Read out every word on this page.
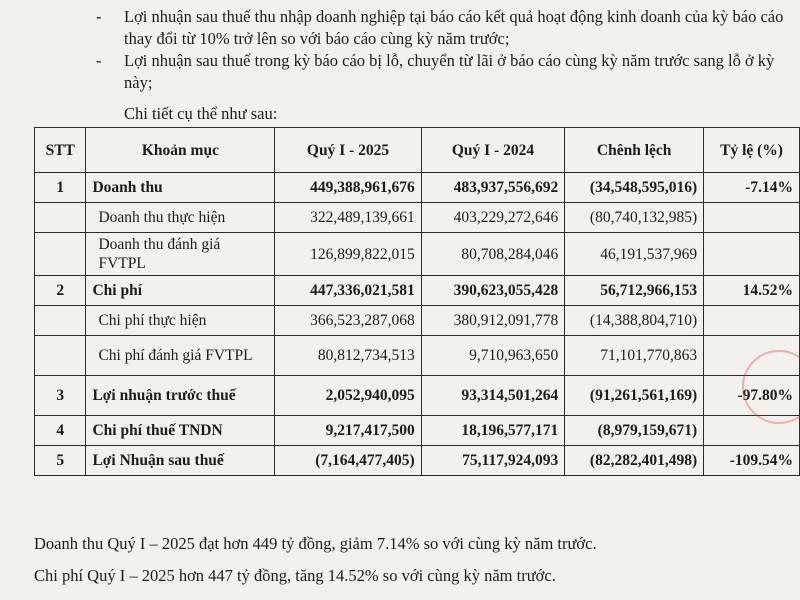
-	Lợi nhuận sau thuế thu nhập doanh nghiệp tại báo cáo kết quả hoạt động kinh doanh của kỳ báo cáo thay đổi từ 10% trở lên so với báo cáo cùng kỳ năm trước;
-	Lợi nhuận sau thuế trong kỳ báo cáo bị lỗ, chuyển từ lãi ở báo cáo cùng kỳ năm trước sang lỗ ở kỳ này;
Chi tiết cụ thể như sau:
STT	Khoản mục	Quý I - 2025	Quý I - 2024	Chênh lệch	Tỷ lệ (%)
1	Doanh thu	449,388,961,676	483,937,556,692	(34,548,595,016)	-7.14%
	Doanh thu thực hiện	322,489,139,661	403,229,272,646	(80,740,132,985)	
	Doanh thu đánh giá FVTPL	126,899,822,015	80,708,284,046	46,191,537,969	
2	Chi phí	447,336,021,581	390,623,055,428	56,712,966,153	14.52%
	Chi phí thực hiện	366,523,287,068	380,912,091,778	(14,388,804,710)	
	Chi phí đánh giá FVTPL	80,812,734,513	9,710,963,650	71,101,770,863	
3	Lợi nhuận trước thuế	2,052,940,095	93,314,501,264	(91,261,561,169)	-97.80%
4	Chi phí thuế TNDN	9,217,417,500	18,196,577,171	(8,979,159,671)	
5	Lợi Nhuận sau thuế	(7,164,477,405)	75,117,924,093	(82,282,401,498)	-109.54%
Doanh thu Quý I – 2025 đạt hơn 449 tỷ đồng, giảm 7.14% so với cùng kỳ năm trước.
Chi phí Quý I – 2025 hơn 447 tỷ đồng, tăng 14.52% so với cùng kỳ năm trước.
